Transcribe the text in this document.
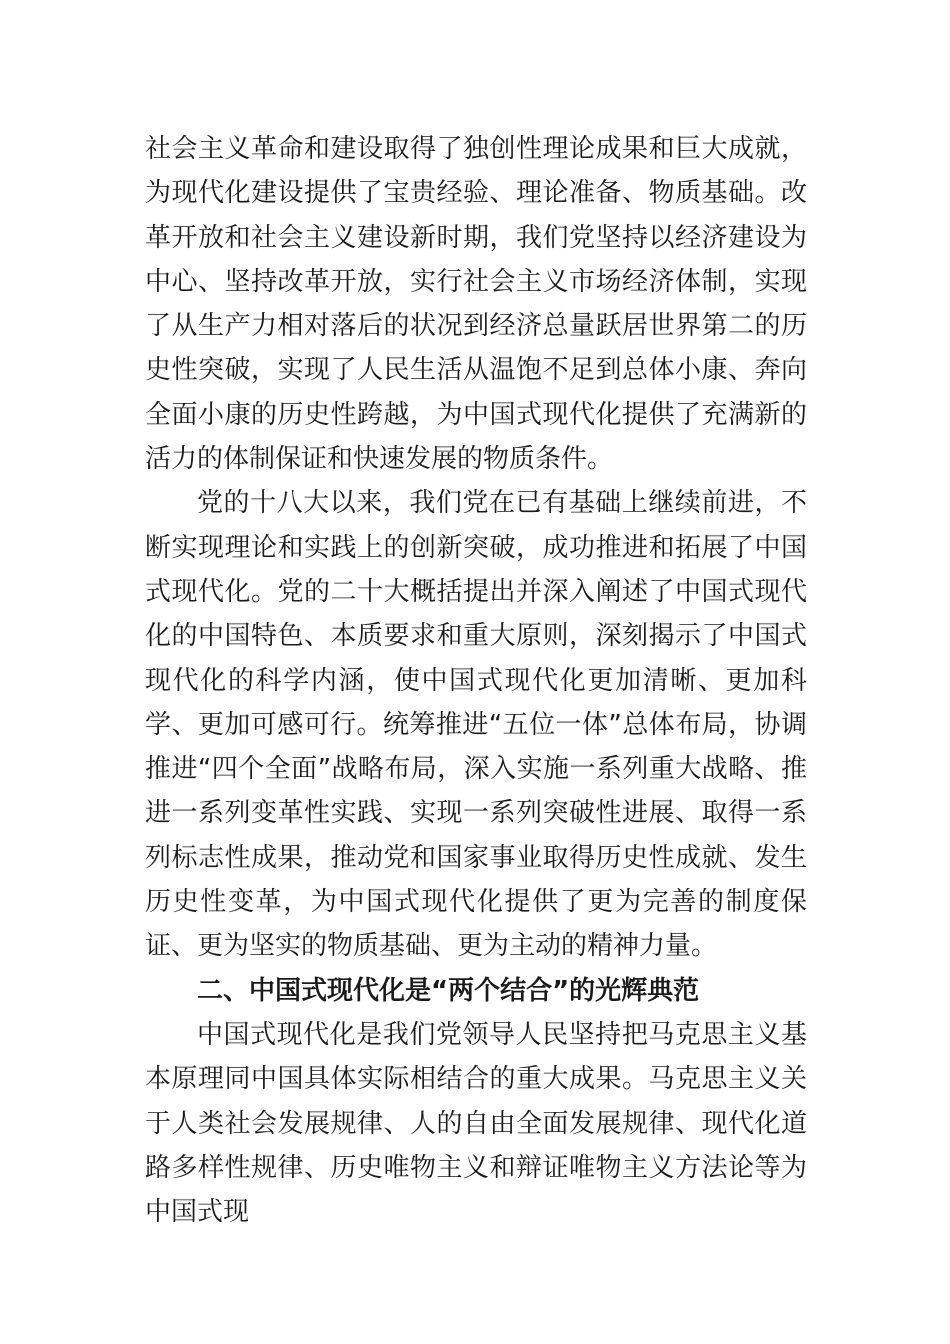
社会主义革命和建设取得了独创性理论成果和巨大成就，为现代化建设提供了宝贵经验、理论准备、物质基础。改革开放和社会主义建设新时期，我们党坚持以经济建设为中心、坚持改革开放，实行社会主义市场经济体制，实现了从生产力相对落后的状况到经济总量跃居世界第二的历史性突破，实现了人民生活从温饱不足到总体小康、奔向全面小康的历史性跨越，为中国式现代化提供了充满新的活力的体制保证和快速发展的物质条件。

党的十八大以来，我们党在已有基础上继续前进，不断实现理论和实践上的创新突破，成功推进和拓展了中国式现代化。党的二十大概括提出并深入阐述了中国式现代化的中国特色、本质要求和重大原则，深刻揭示了中国式现代化的科学内涵，使中国式现代化更加清晰、更加科学、更加可感可行。统筹推进“五位一体”总体布局，协调推进“四个全面”战略布局，深入实施一系列重大战略、推进一系列变革性实践、实现一系列突破性进展、取得一系列标志性成果，推动党和国家事业取得历史性成就、发生历史性变革，为中国式现代化提供了更为完善的制度保证、更为坚实的物质基础、更为主动的精神力量。

二、中国式现代化是“两个结合”的光辉典范

中国式现代化是我们党领导人民坚持把马克思主义基本原理同中国具体实际相结合的重大成果。马克思主义关于人类社会发展规律、人的自由全面发展规律、现代化道路多样性规律、历史唯物主义和辩证唯物主义方法论等为中国式现
